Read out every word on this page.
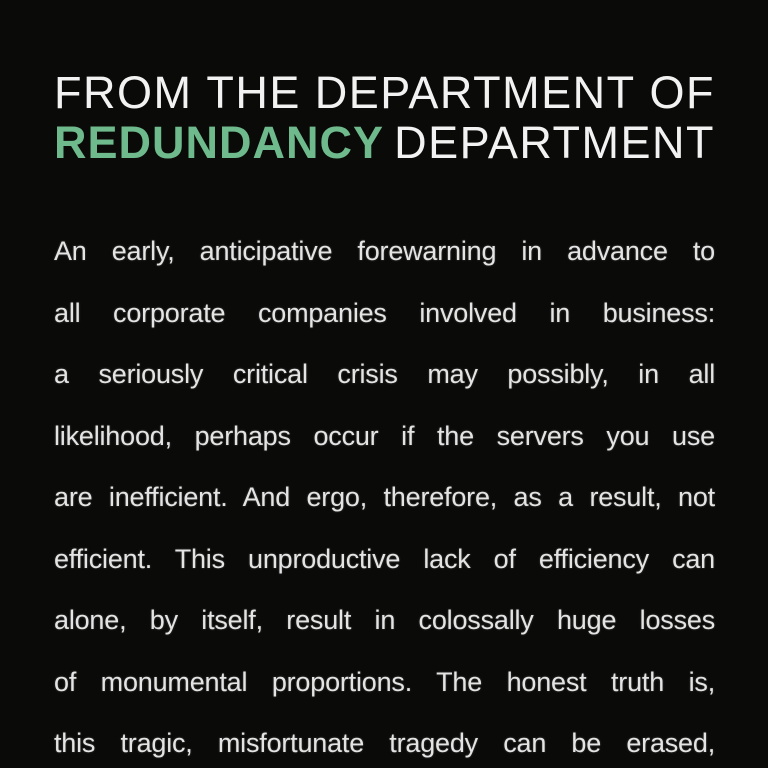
FROM THE DEPARTMENT OF
REDUNDANCY DEPARTMENT
An early, anticipative forewarning in advance to
all corporate companies involved in business:
a seriously critical crisis may possibly, in all
likelihood, perhaps occur if the servers you use
are inefficient. And ergo, therefore, as a result, not
efficient. This unproductive lack of efficiency can
alone, by itself, result in colossally huge losses
of monumental proportions. The honest truth is,
this tragic, misfortunate tragedy can be erased,
